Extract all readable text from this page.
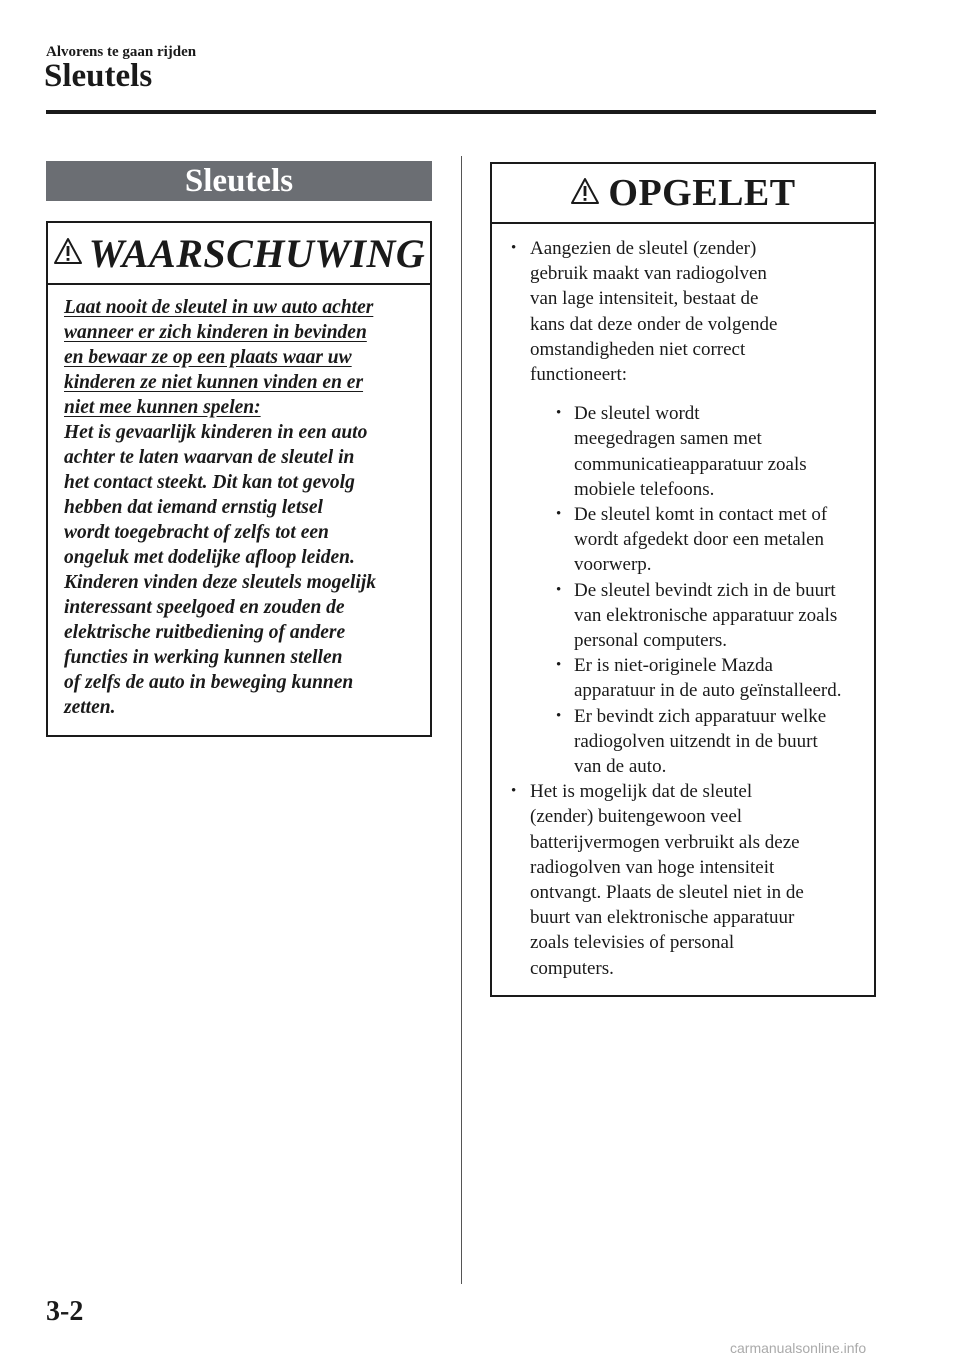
Alvorens te gaan rijden
Sleutels
Sleutels
WAARSCHUWING
Laat nooit de sleutel in uw auto achter
wanneer er zich kinderen in bevinden
en bewaar ze op een plaats waar uw
kinderen ze niet kunnen vinden en er
niet mee kunnen spelen:
Het is gevaarlijk kinderen in een auto
achter te laten waarvan de sleutel in
het contact steekt. Dit kan tot gevolg
hebben dat iemand ernstig letsel
wordt toegebracht of zelfs tot een
ongeluk met dodelijke afloop leiden.
Kinderen vinden deze sleutels mogelijk
interessant speelgoed en zouden de
elektrische ruitbediening of andere
functies in werking kunnen stellen
of zelfs de auto in beweging kunnen
zetten.
OPGELET
• Aangezien de sleutel (zender)
gebruik maakt van radiogolven
van lage intensiteit, bestaat de
kans dat deze onder de volgende
omstandigheden niet correct
functioneert:
• De sleutel wordt
meegedragen samen met
communicatieapparatuur zoals
mobiele telefoons.
• De sleutel komt in contact met of
wordt afgedekt door een metalen
voorwerp.
• De sleutel bevindt zich in de buurt
van elektronische apparatuur zoals
personal computers.
• Er is niet-originele Mazda
apparatuur in de auto geïnstalleerd.
• Er bevindt zich apparatuur welke
radiogolven uitzendt in de buurt
van de auto.
• Het is mogelijk dat de sleutel
(zender) buitengewoon veel
batterijvermogen verbruikt als deze
radiogolven van hoge intensiteit
ontvangt. Plaats de sleutel niet in de
buurt van elektronische apparatuur
zoals televisies of personal
computers.
3-2
carmanualsonline.info
